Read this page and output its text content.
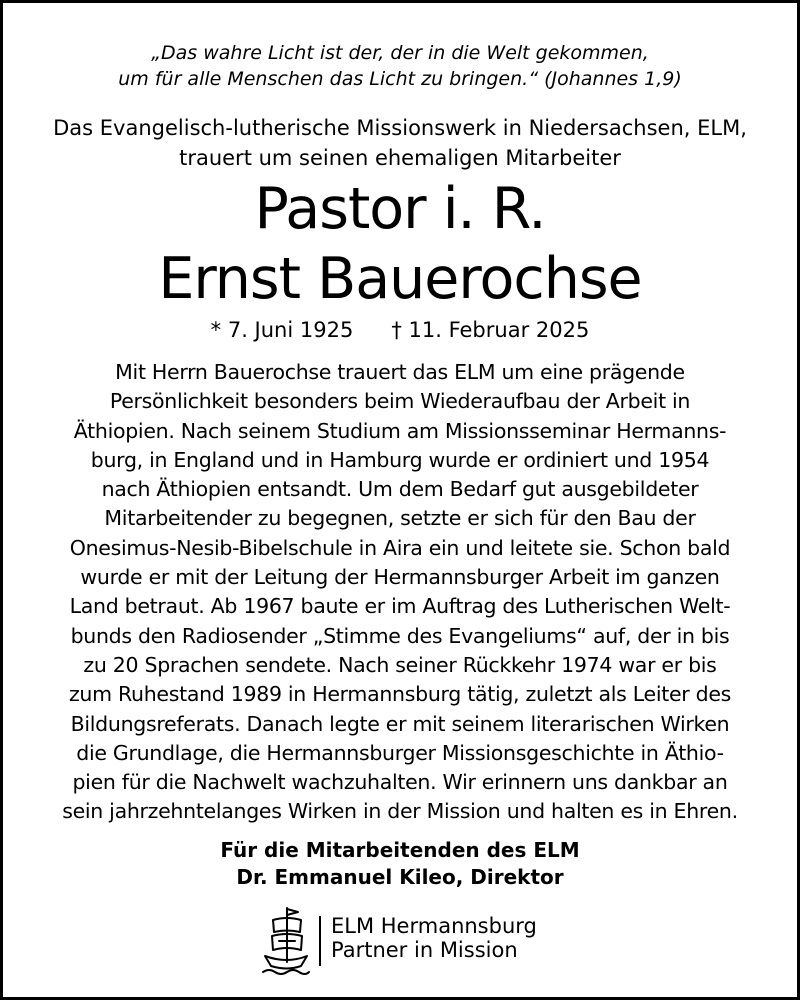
„Das wahre Licht ist der, der in die Welt gekommen,
um für alle Menschen das Licht zu bringen.“ (Johannes 1,9)
Das Evangelisch-lutherische Missionswerk in Niedersachsen, ELM,
trauert um seinen ehemaligen Mitarbeiter
Pastor i. R.
Ernst Bauerochse
* 7. Juni 1925 † 11. Februar 2025
Mit Herrn Bauerochse trauert das ELM um eine prägende
Persönlichkeit besonders beim Wiederaufbau der Arbeit in
Äthiopien. Nach seinem Studium am Missionsseminar Hermanns-
burg, in England und in Hamburg wurde er ordiniert und 1954
nach Äthiopien entsandt. Um dem Bedarf gut ausgebildeter
Mitarbeitender zu begegnen, setzte er sich für den Bau der
Onesimus-Nesib-Bibelschule in Aira ein und leitete sie. Schon bald
wurde er mit der Leitung der Hermannsburger Arbeit im ganzen
Land betraut. Ab 1967 baute er im Auftrag des Lutherischen Welt-
bunds den Radiosender „Stimme des Evangeliums“ auf, der in bis
zu 20 Sprachen sendete. Nach seiner Rückkehr 1974 war er bis
zum Ruhestand 1989 in Hermannsburg tätig, zuletzt als Leiter des
Bildungsreferats. Danach legte er mit seinem literarischen Wirken
die Grundlage, die Hermannsburger Missionsgeschichte in Äthio-
pien für die Nachwelt wachzuhalten. Wir erinnern uns dankbar an
sein jahrzehntelanges Wirken in der Mission und halten es in Ehren.
Für die Mitarbeitenden des ELM
Dr. Emmanuel Kileo, Direktor
ELM Hermannsburg
Partner in Mission
